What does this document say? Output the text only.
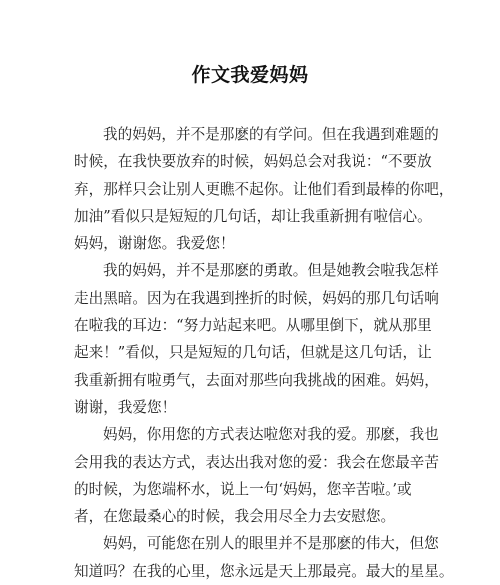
作文我爱妈妈
我的妈妈，并不是那麽的有学问。但在我遇到难题的
时候，在我快要放弃的时候，妈妈总会对我说：“不要放
弃，那样只会让别人更瞧不起你。让他们看到最棒的你吧，
加油”看似只是短短的几句话，却让我重新拥有啦信心。
妈妈，谢谢您。我爱您！
我的妈妈，并不是那麽的勇敢。但是她教会啦我怎样
走出黑暗。因为在我遇到挫折的时候，妈妈的那几句话响
在啦我的耳边：“努力站起来吧。从哪里倒下，就从那里
起来！”看似，只是短短的几句话，但就是这几句话，让
我重新拥有啦勇气，去面对那些向我挑战的困难。妈妈，
谢谢，我爱您！
妈妈，你用您的方式表达啦您对我的爱。那麽，我也
会用我的表达方式，表达出我对您的爱：我会在您最辛苦
的时候，为您端杯水，说上一句‘妈妈，您辛苦啦。’或
者，在您最桑心的时候，我会用尽全力去安慰您。
妈妈，可能您在别人的眼里并不是那麽的伟大，但您
知道吗？在我的心里，您永远是天上那最亮。最大的星星。
